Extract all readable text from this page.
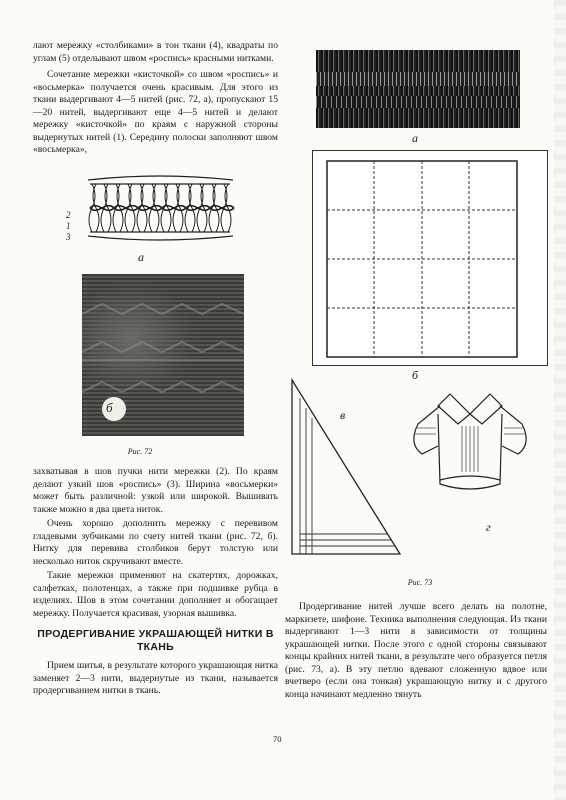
лают мережку «столбиками» в тон ткани (4), квадраты по углам (5) отделывают швом «роспись» красными нитками.

Сочетание мережки «кисточкой» со швом «роспись» и «восьмерка» получается очень красивым. Для этого из ткани выдергивают 4—5 нитей (рис. 72, а), пропускают 15—20 нитей, выдергивают еще 4—5 нитей и делают мережку «кисточкой» по краям с наружной стороны выдернутых нитей (1). Середину полоски заполняют швом «восьмерка»,

2
1
3
а
б
Рис. 72

захватывая в шов пучки нити мережки (2). По краям делают узкий шов «роспись» (3). Ширина «восьмерки» может быть различной: узкой или широкой. Вышивать также можно в два цвета ниток.

Очень хорошо дополнить мережку с перевивом гладевыми зубчиками по счету нитей ткани (рис. 72, б). Нитку для перевива столбиков берут толстую или несколько ниток скручивают вместе.

Такие мережки применяют на скатертях, дорожках, салфетках, полотенцах, а также при подшивке рубца в изделиях. Шов в этом сочетании дополняет и обогащает мережку. Получается красивая, узорная вышивка.

ПРОДЕРГИВАНИЕ УКРАШАЮЩЕЙ НИТКИ В ТКАНЬ

Прием шитья, в результате которого украшающая нитка заменяет 2—3 нити, выдернутые из ткани, называется продергиванием нитки в ткань.

а
б
в
г
Рис. 73

Продергивание нитей лучше всего делать на полотне, маркизете, шифоне. Техника выполнения следующая. Из ткани выдергивают 1—3 нити в зависимости от толщины украшающей нитки. После этого с одной стороны связывают концы крайних нитей ткани, в результате чего образуется петля (рис. 73, а). В эту петлю вдевают сложенную вдвое или вчетверо (если она тонкая) украшающую нитку и с другого конца начинают медленно тянуть

70
